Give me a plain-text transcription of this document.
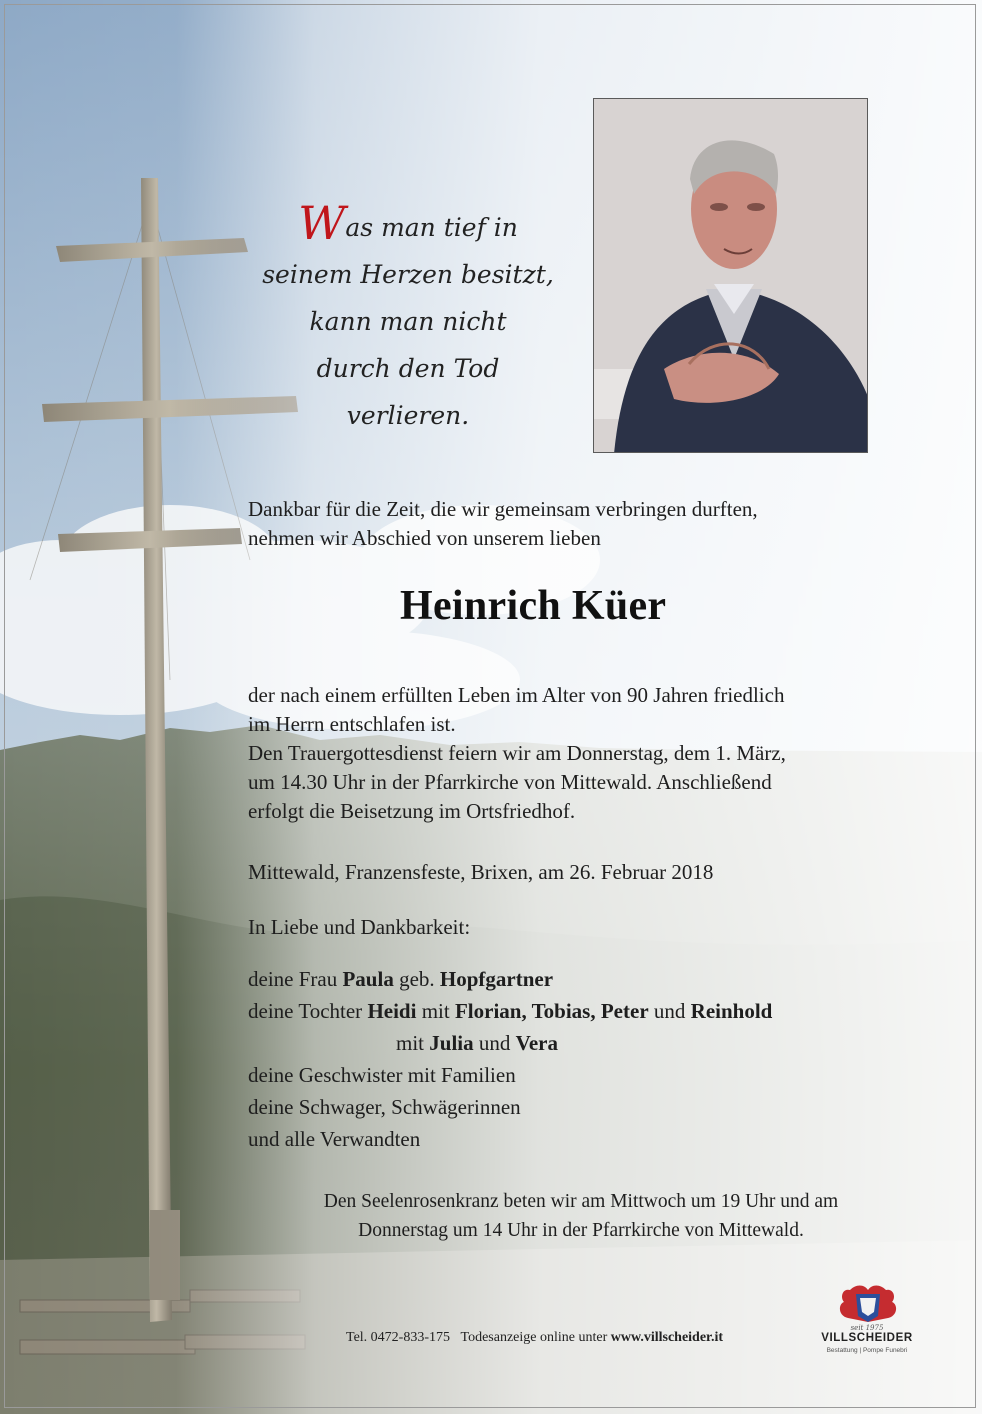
Was man tief in
seinem Herzen besitzt,
kann man nicht
durch den Tod
verlieren.
Dankbar für die Zeit, die wir gemeinsam verbringen durften,
nehmen wir Abschied von unserem lieben
Heinrich Küer
der nach einem erfüllten Leben im Alter von 90 Jahren friedlich
im Herrn entschlafen ist.
Den Trauergottesdienst feiern wir am Donnerstag, dem 1. März,
um 14.30 Uhr in der Pfarrkirche von Mittewald. Anschließend
erfolgt die Beisetzung im Ortsfriedhof.
Mittewald, Franzensfeste, Brixen, am 26. Februar 2018
In Liebe und Dankbarkeit:
deine Frau Paula geb. Hopfgartner
deine Tochter Heidi mit Florian, Tobias, Peter und Reinhold
mit Julia und Vera
deine Geschwister mit Familien
deine Schwager, Schwägerinnen
und alle Verwandten
Den Seelenrosenkranz beten wir am Mittwoch um 19 Uhr und am
Donnerstag um 14 Uhr in der Pfarrkirche von Mittewald.
Tel. 0472-833-175 Todesanzeige online unter www.villscheider.it
seit 1975
VILLSCHEIDER
Bestattung | Pompe Funebri
